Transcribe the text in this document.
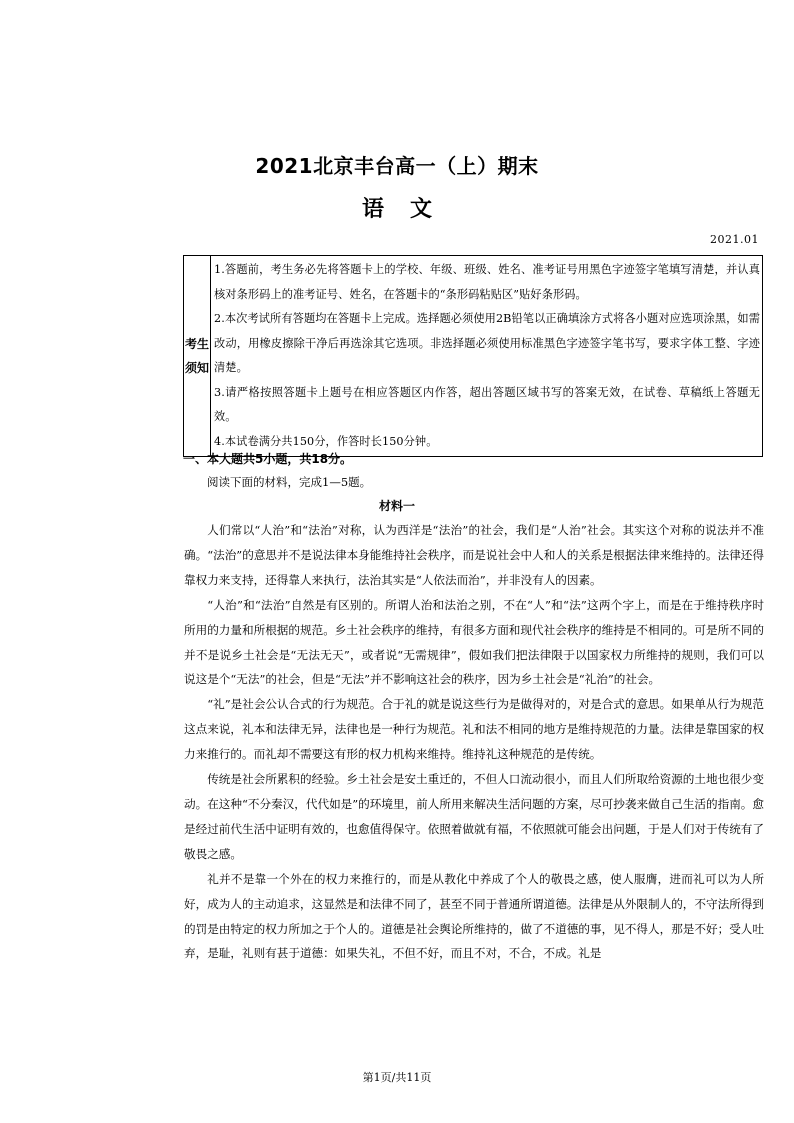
2021北京丰台高一（上）期末
语文
2021.01
考生须知	

1.答题前，考生务必先将答题卡上的学校、年级、班级、姓名、准考证号用黑色字迹签字笔填写清楚，并认真核对条形码上的准考证号、姓名，在答题卡的“条形码粘贴区”贴好条形码。

2.本次考试所有答题均在答题卡上完成。选择题必须使用2B铅笔以正确填涂方式将各小题对应选项涂黑，如需改动，用橡皮擦除干净后再选涂其它选项。非选择题必须使用标准黑色字迹签字笔书写，要求字体工整、字迹清楚。

3.请严格按照答题卡上题号在相应答题区内作答，超出答题区域书写的答案无效，在试卷、草稿纸上答题无效。

4.本试卷满分共150分，作答时长150分钟。

一、本大题共5小题，共18分。
阅读下面的材料，完成1—5题。
材料一

人们常以“人治”和“法治”对称，认为西洋是“法治”的社会，我们是“人治”社会。其实这个对称的说法并不准确。“法治”的意思并不是说法律本身能维持社会秩序，而是说社会中人和人的关系是根据法律来维持的。法律还得靠权力来支持，还得靠人来执行，法治其实是“人依法而治”，并非没有人的因素。

“人治”和“法治”自然是有区别的。所谓人治和法治之别，不在“人”和“法”这两个字上，而是在于维持秩序时所用的力量和所根据的规范。乡土社会秩序的维持，有很多方面和现代社会秩序的维持是不相同的。可是所不同的并不是说乡土社会是“无法无天”，或者说“无需规律”，假如我们把法律限于以国家权力所维持的规则，我们可以说这是个“无法”的社会，但是“无法”并不影响这社会的秩序，因为乡土社会是“礼治”的社会。

“礼”是社会公认合式的行为规范。合于礼的就是说这些行为是做得对的，对是合式的意思。如果单从行为规范这点来说，礼本和法律无异，法律也是一种行为规范。礼和法不相同的地方是维持规范的力量。法律是靠国家的权力来推行的。而礼却不需要这有形的权力机构来维持。维持礼这种规范的是传统。

传统是社会所累积的经验。乡土社会是安土重迁的，不但人口流动很小，而且人们所取给资源的土地也很少变动。在这种“不分秦汉，代代如是”的环境里，前人所用来解决生活问题的方案，尽可抄袭来做自己生活的指南。愈是经过前代生活中证明有效的，也愈值得保守。依照着做就有福，不依照就可能会出问题，于是人们对于传统有了敬畏之感。

礼并不是靠一个外在的权力来推行的，而是从教化中养成了个人的敬畏之感，使人服膺，进而礼可以为人所好，成为人的主动追求，这显然是和法律不同了，甚至不同于普通所谓道德。法律是从外限制人的，不守法所得到的罚是由特定的权力所加之于个人的。道德是社会舆论所维持的，做了不道德的事，见不得人，那是不好；受人吐弃，是耻，礼则有甚于道德：如果失礼，不但不好，而且不对，不合，不成。礼是

第1页/共11页
